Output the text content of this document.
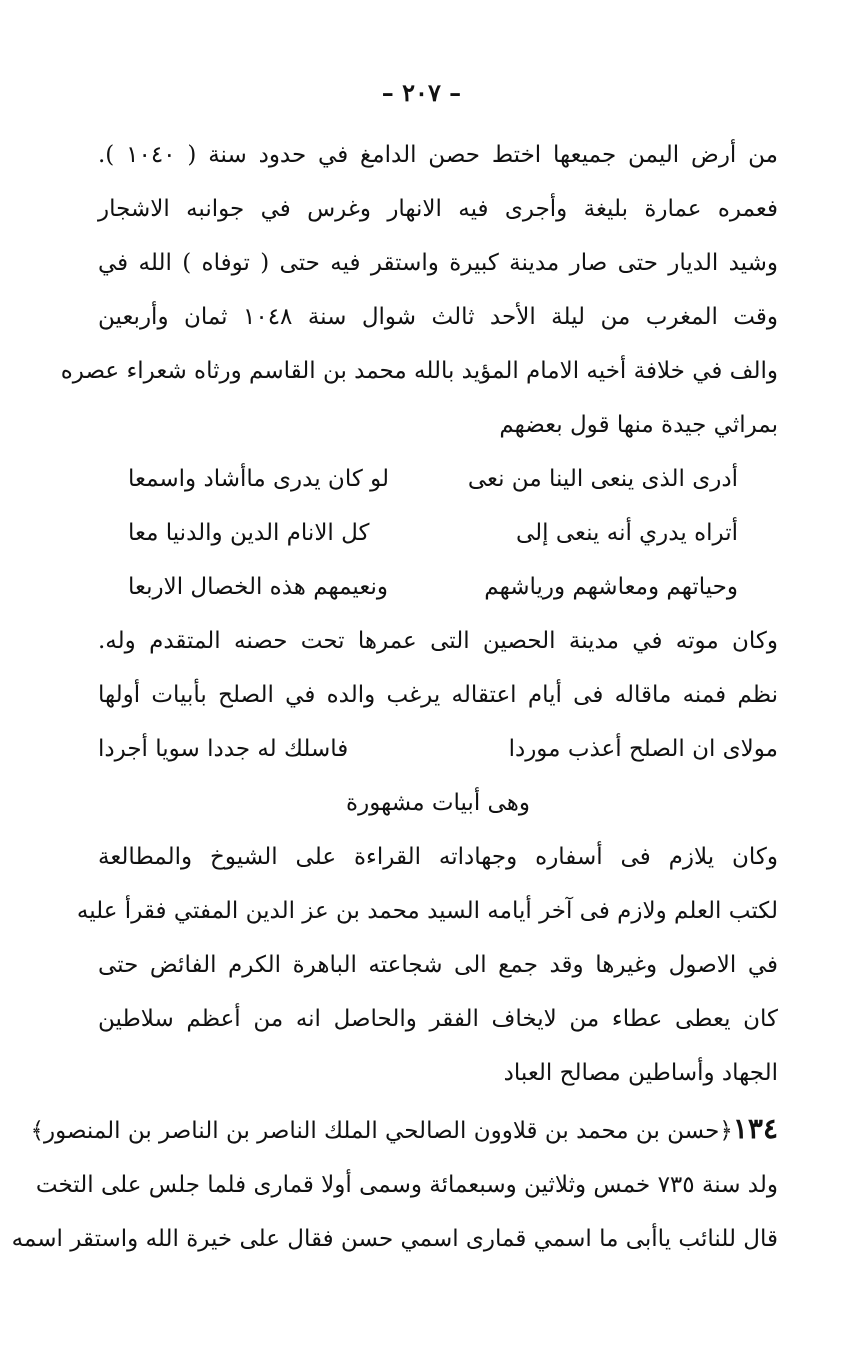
– ٢٠٧ –
من أرض اليمن جميعها اختط حصن الدامغ في حدود سنة ( ١٠٤٠ ).
فعمره عمارة بليغة وأجرى فيه الانهار وغرس في جوانبه الاشجار
وشيد الديار حتى صار مدينة كبيرة واستقر فيه حتى ( توفاه ) الله في
وقت المغرب من ليلة الأحد ثالث شوال سنة ١٠٤٨ ثمان وأربعين
والف في خلافة أخيه الامام المؤيد بالله محمد بن القاسم ورثاه شعراء عصره
بمراثي جيدة منها قول بعضهم
أدرى الذى ينعى الينا من نعى
لو كان يدرى ماأشاد واسمعا
أتراه يدري أنه ينعى إلى
كل الانام الدين والدنيا معا
وحياتهم ومعاشهم ورياشهم
ونعيمهم هذه الخصال الاربعا
وكان موته في مدينة الحصين التى عمرها تحت حصنه المتقدم وله.
نظم فمنه ماقاله فى أيام اعتقاله يرغب والده في الصلح بأبيات أولها
مولاى ان الصلح أعذب موردا
فاسلك له جددا سويا أجردا
وهى أبيات مشهورة
وكان يلازم فى أسفاره وجهاداته القراءة على الشيوخ والمطالعة
لكتب العلم ولازم فى آخر أيامه السيد محمد بن عز الدين المفتي فقرأ عليه
في الاصول وغيرها وقد جمع الى شجاعته الباهرة الكرم الفائض حتى
كان يعطى عطاء من لايخاف الفقر والحاصل انه من أعظم سلاطين
الجهاد وأساطين مصالح العباد
١٣٤﴿حسن بن محمد بن قلاوون الصالحي الملك الناصر بن الناصر بن المنصور﴾
ولد سنة ٧٣٥ خمس وثلاثين وسبعمائة وسمى أولا قمارى فلما جلس على التخت
قال للنائب ياأبى ما اسمي قمارى اسمي حسن فقال على خيرة الله واستقر اسمه
